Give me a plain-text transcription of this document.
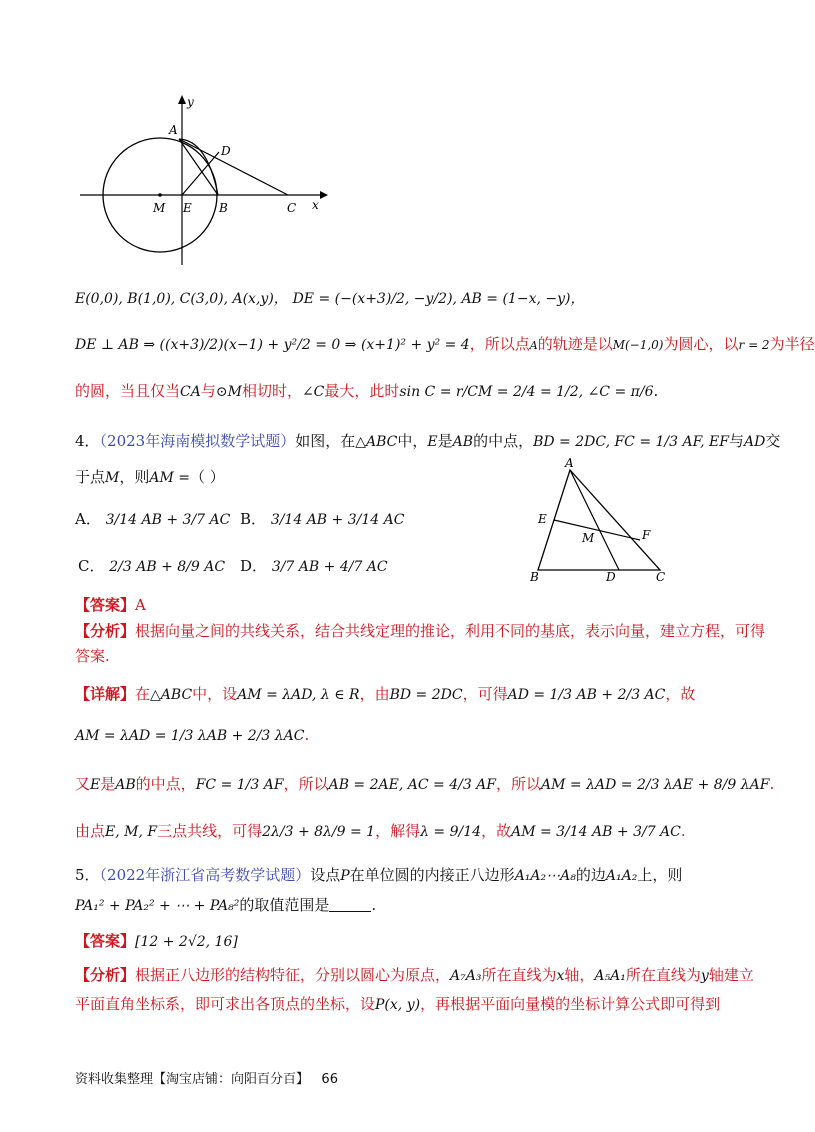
y
x
A
D
M E B	C
E(0,0), B(1,0), C(3,0), A(x,y)， DE = (−(x+3)/2, −y/2), AB = (1−x, −y)，
DE ⊥ AB ⇒ ((x+3)/2)(x−1) + y²/2 = 0 ⇒ (x+1)² + y² = 4，所以点A的轨迹是以M(−1,0)为圆心，以r = 2为半径
的圆，当且仅当CA与⊙M相切时，∠C最大，此时sin C = r/CM = 2/4 = 1/2, ∠C = π/6.
4．（2023年海南模拟数学试题）如图，在△ABC中，E是AB的中点，BD = 2DC, FC = 1/3 AF, EF与AD交
于点M，则AM =（ ）
A． 3/14 AB + 3/7 AC B． 3/14 AB + 3/14 AC
C． 2/3 AB + 8/9 AC D． 3/7 AB + 4/7 AC
A
E
M	F
B	D	C
【答案】A
【分析】根据向量之间的共线关系，结合共线定理的推论，利用不同的基底，表示向量，建立方程，可得
答案.
【详解】在△ABC中，设AM = λAD, λ ∈ R，由BD = 2DC，可得AD = 1/3 AB + 2/3 AC，故
AM = λAD = 1/3 λAB + 2/3 λAC.
又E是AB的中点，FC = 1/3 AF，所以AB = 2AE, AC = 4/3 AF，所以AM = λAD = 2/3 λAE + 8/9 λAF.
由点E, M, F三点共线，可得2λ/3 + 8λ/9 = 1，解得λ = 9/14，故AM = 3/14 AB + 3/7 AC.
5．（2022年浙江省高考数学试题）设点P在单位圆的内接正八边形A₁A₂⋯A₈的边A₁A₂上，则
PA₁² + PA₂² + ⋯ + PA₈²的取值范围是	.
【答案】[12 + 2√2, 16]
【分析】根据正八边形的结构特征，分别以圆心为原点，A₇A₃所在直线为x轴，A₅A₁所在直线为y轴建立
平面直角坐标系，即可求出各顶点的坐标，设P(x, y)，再根据平面向量模的坐标计算公式即可得到
资料收集整理【淘宝店铺：向阳百分百】 66
